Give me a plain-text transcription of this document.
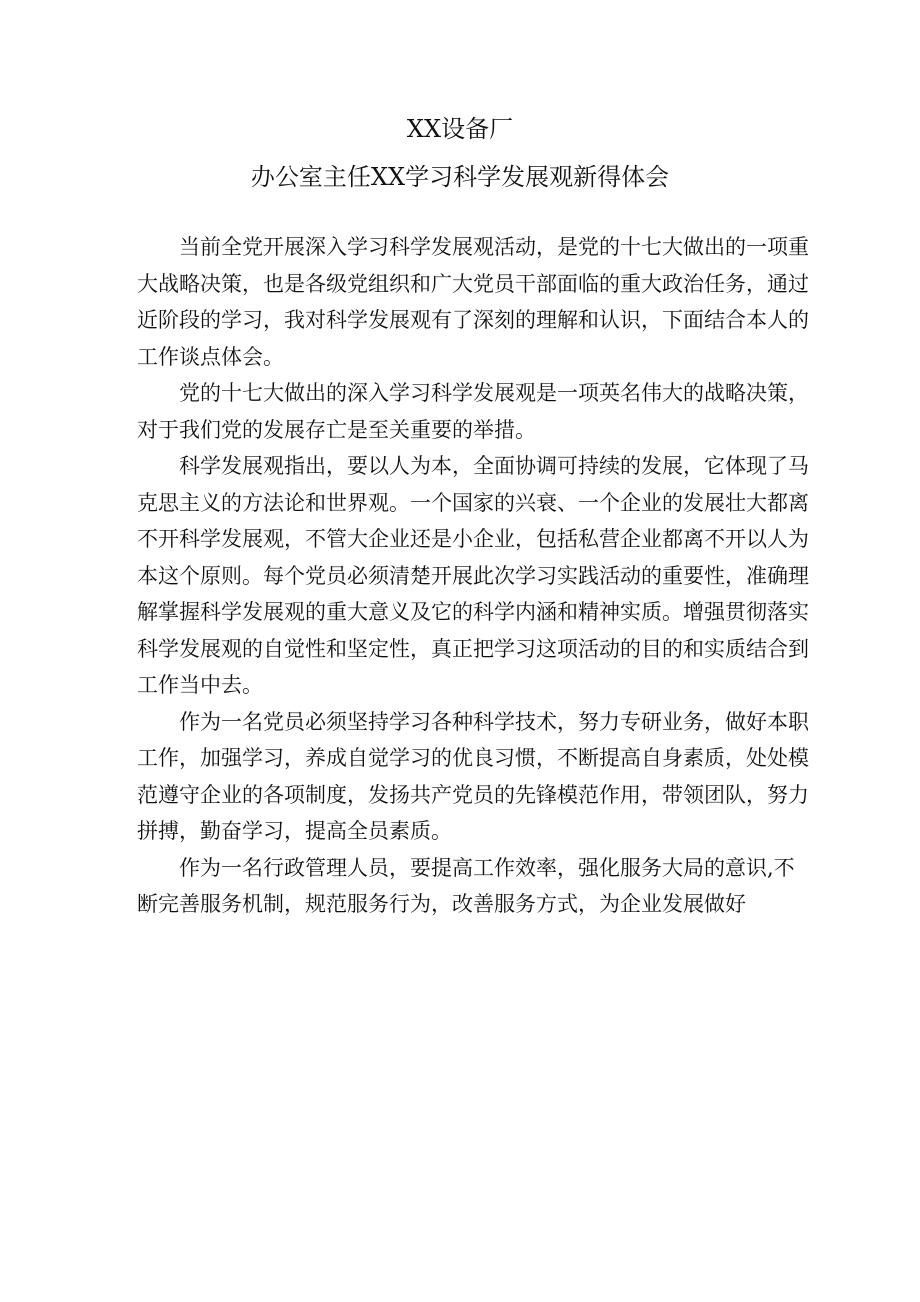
XX设备厂
办公室主任XX学习科学发展观新得体会

当前全党开展深入学习科学发展观活动，是党的十七大做出的一项重
大战略决策，也是各级党组织和广大党员干部面临的重大政治任务，通过
近阶段的学习，我对科学发展观有了深刻的理解和认识，下面结合本人的
工作谈点体会。

党的十七大做出的深入学习科学发展观是一项英名伟大的战略决策，
对于我们党的发展存亡是至关重要的举措。

科学发展观指出，要以人为本，全面协调可持续的发展，它体现了马
克思主义的方法论和世界观。一个国家的兴衰、一个企业的发展壮大都离
不开科学发展观，不管大企业还是小企业，包括私营企业都离不开以人为
本这个原则。每个党员必须清楚开展此次学习实践活动的重要性，准确理
解掌握科学发展观的重大意义及它的科学内涵和精神实质。增强贯彻落实
科学发展观的自觉性和坚定性，真正把学习这项活动的目的和实质结合到
工作当中去。

作为一名党员必须坚持学习各种科学技术，努力专研业务，做好本职
工作，加强学习，养成自觉学习的优良习惯，不断提高自身素质，处处模
范遵守企业的各项制度，发扬共产党员的先锋模范作用，带领团队，努力
拼搏，勤奋学习，提高全员素质。

作为一名行政管理人员，要提高工作效率，强化服务大局的意识,不
断完善服务机制，规范服务行为，改善服务方式，为企业发展做好
